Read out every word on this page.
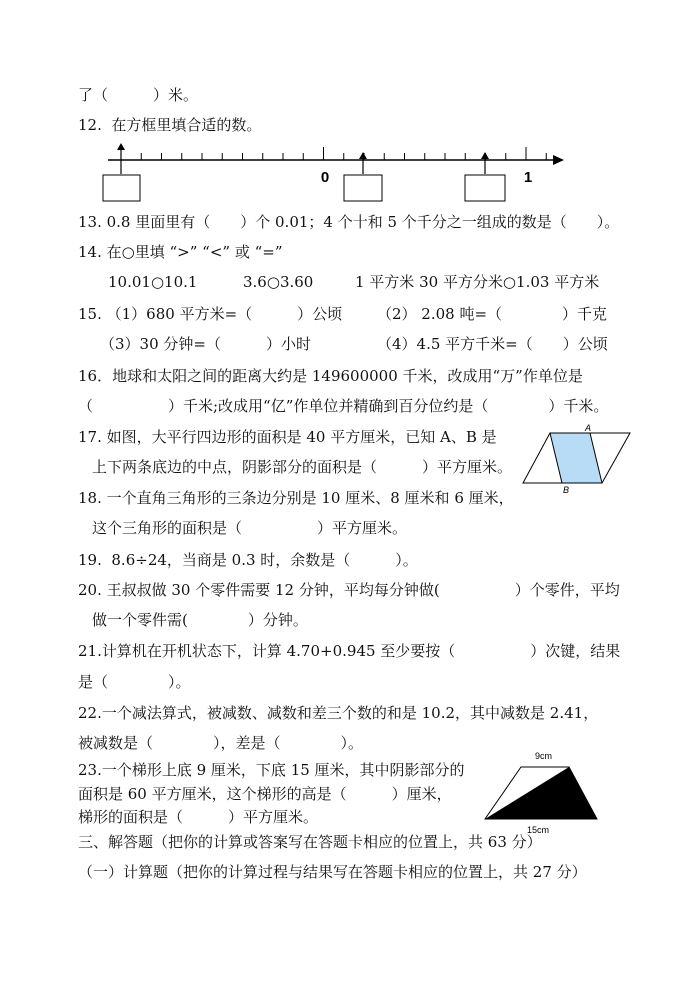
了（　　　）米。
12.  在方框里填合适的数。
0	1
13. 0.8 里面里有（　　）个 0.01；4 个十和 5 个千分之一组成的数是（　　）。
14. 在○里填 “>” “<” 或 “=”
10.01○10.1	3.6○3.60	1 平方米 30 平方分米○1.03 平方米
15. （1）680 平方米=（　　　）公顷 （2） 2.08 吨=（　　　　）千克
（3）30 分钟=（　　　）小时	（4）4.5 平方千米=（　　）公顷
16．地球和太阳之间的距离大约是 149600000 千米，改成用“万”作单位是
（　　　　　）千米;改成用“亿”作单位并精确到百分位约是（　　　　）千米。
17. 如图，大平行四边形的面积是 40 平方厘米，已知 A、B 是
上下两条底边的中点，阴影部分的面积是（　　　）平方厘米。
A
B
18. 一个直角三角形的三条边分别是 10 厘米、8 厘米和 6 厘米，
这个三角形的面积是（　　　　　）平方厘米。
19.  8.6÷24，当商是 0.3 时，余数是（　　　）。
20. 王叔叔做 30 个零件需要 12 分钟，平均每分钟做(　　　　　）个零件，平均
做一个零件需(　　　　）分钟。
21.计算机在开机状态下，计算 4.70+0.945 至少要按（　　　　　）次键，结果
是（　　　　）。
22.一个减法算式，被减数、减数和差三个数的和是 10.2，其中减数是 2.41，
被减数是（　　　　），差是（　　　　）。
23.一个梯形上底 9 厘米，下底 15 厘米，其中阴影部分的
面积是 60 平方厘米，这个梯形的高是（　　　）厘米，
梯形的面积是（　　　）平方厘米。
9cm
15cm
三、解答题（把你的计算或答案写在答题卡相应的位置上，共 63 分）
（一）计算题（把你的计算过程与结果写在答题卡相应的位置上，共 27 分）
